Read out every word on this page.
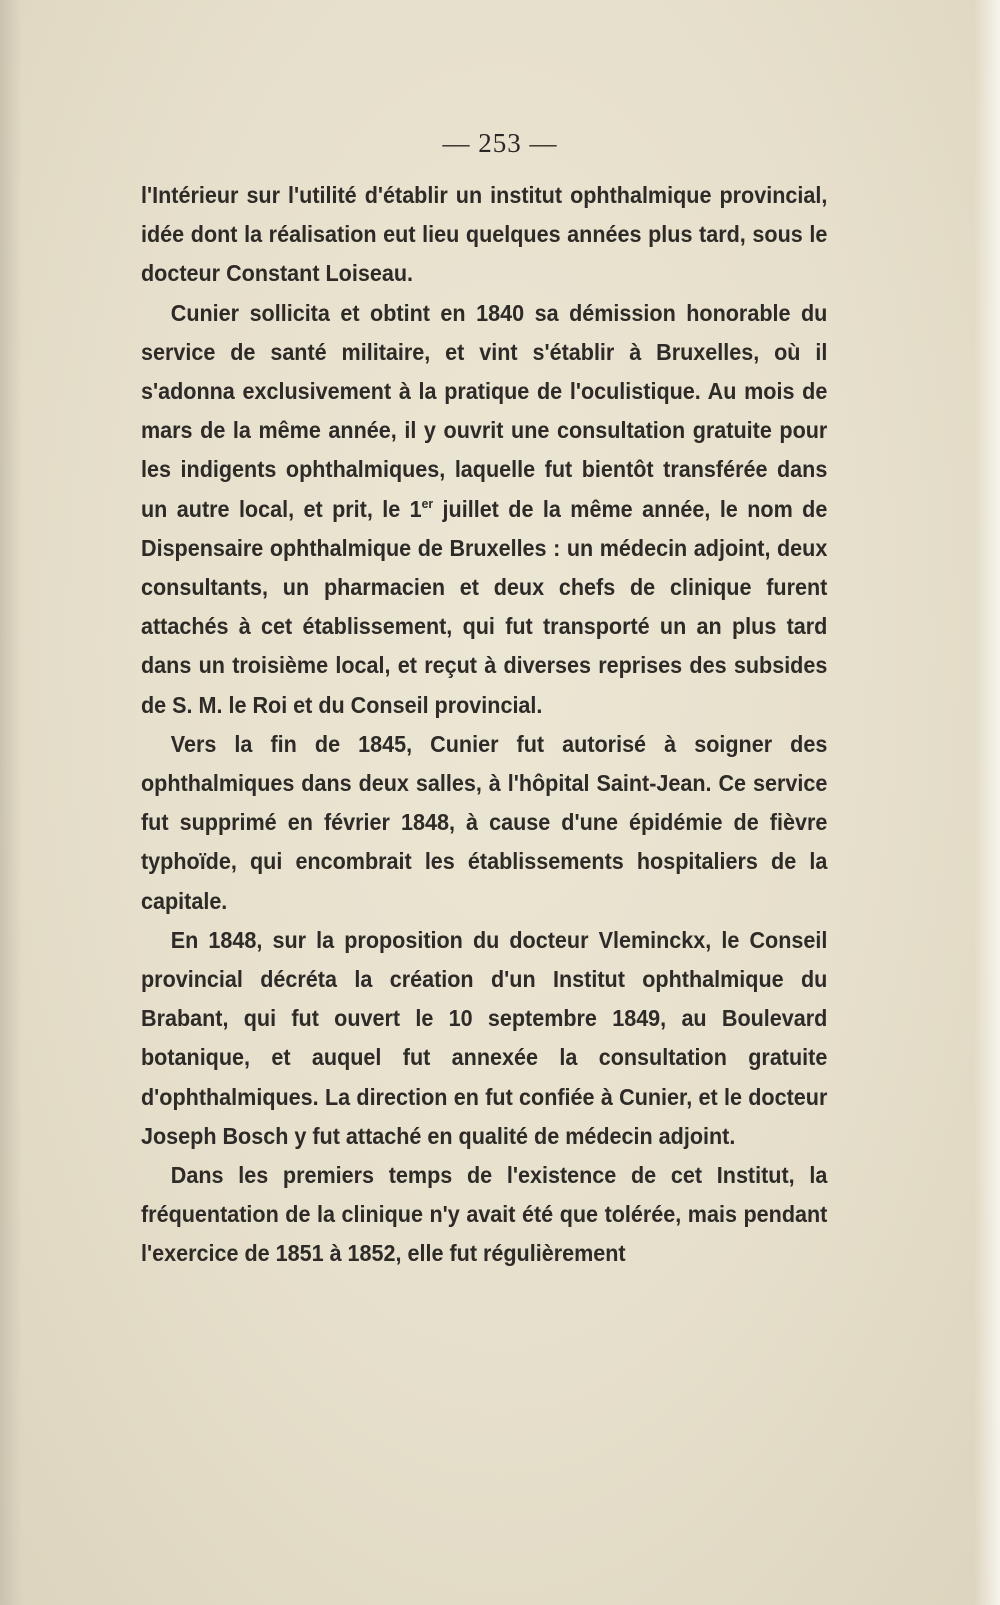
— 253 —

l'Intérieur sur l'utilité d'établir un institut ophthalmique provincial, idée dont la réalisation eut lieu quelques années plus tard, sous le docteur Constant Loiseau.

Cunier sollicita et obtint en 1840 sa démission honorable du service de santé militaire, et vint s'établir à Bruxelles, où il s'adonna exclusivement à la pratique de l'oculistique. Au mois de mars de la même année, il y ouvrit une consultation gratuite pour les indigents ophthalmiques, laquelle fut bientôt transférée dans un autre local, et prit, le 1er juillet de la même année, le nom de Dispensaire ophthalmique de Bruxelles : un médecin adjoint, deux consultants, un pharmacien et deux chefs de clinique furent attachés à cet établissement, qui fut transporté un an plus tard dans un troisième local, et reçut à diverses reprises des subsides de S. M. le Roi et du Conseil provincial.

Vers la fin de 1845, Cunier fut autorisé à soigner des ophthalmiques dans deux salles, à l'hôpital Saint-Jean. Ce service fut supprimé en février 1848, à cause d'une épidémie de fièvre typhoïde, qui encombrait les établissements hospitaliers de la capitale.

En 1848, sur la proposition du docteur Vleminckx, le Conseil provincial décréta la création d'un Institut ophthalmique du Brabant, qui fut ouvert le 10 septembre 1849, au Boulevard botanique, et auquel fut annexée la consultation gratuite d'ophthalmiques. La direction en fut confiée à Cunier, et le docteur Joseph Bosch y fut attaché en qualité de médecin adjoint.

Dans les premiers temps de l'existence de cet Institut, la fréquentation de la clinique n'y avait été que tolérée, mais pendant l'exercice de 1851 à 1852, elle fut régulièrement
